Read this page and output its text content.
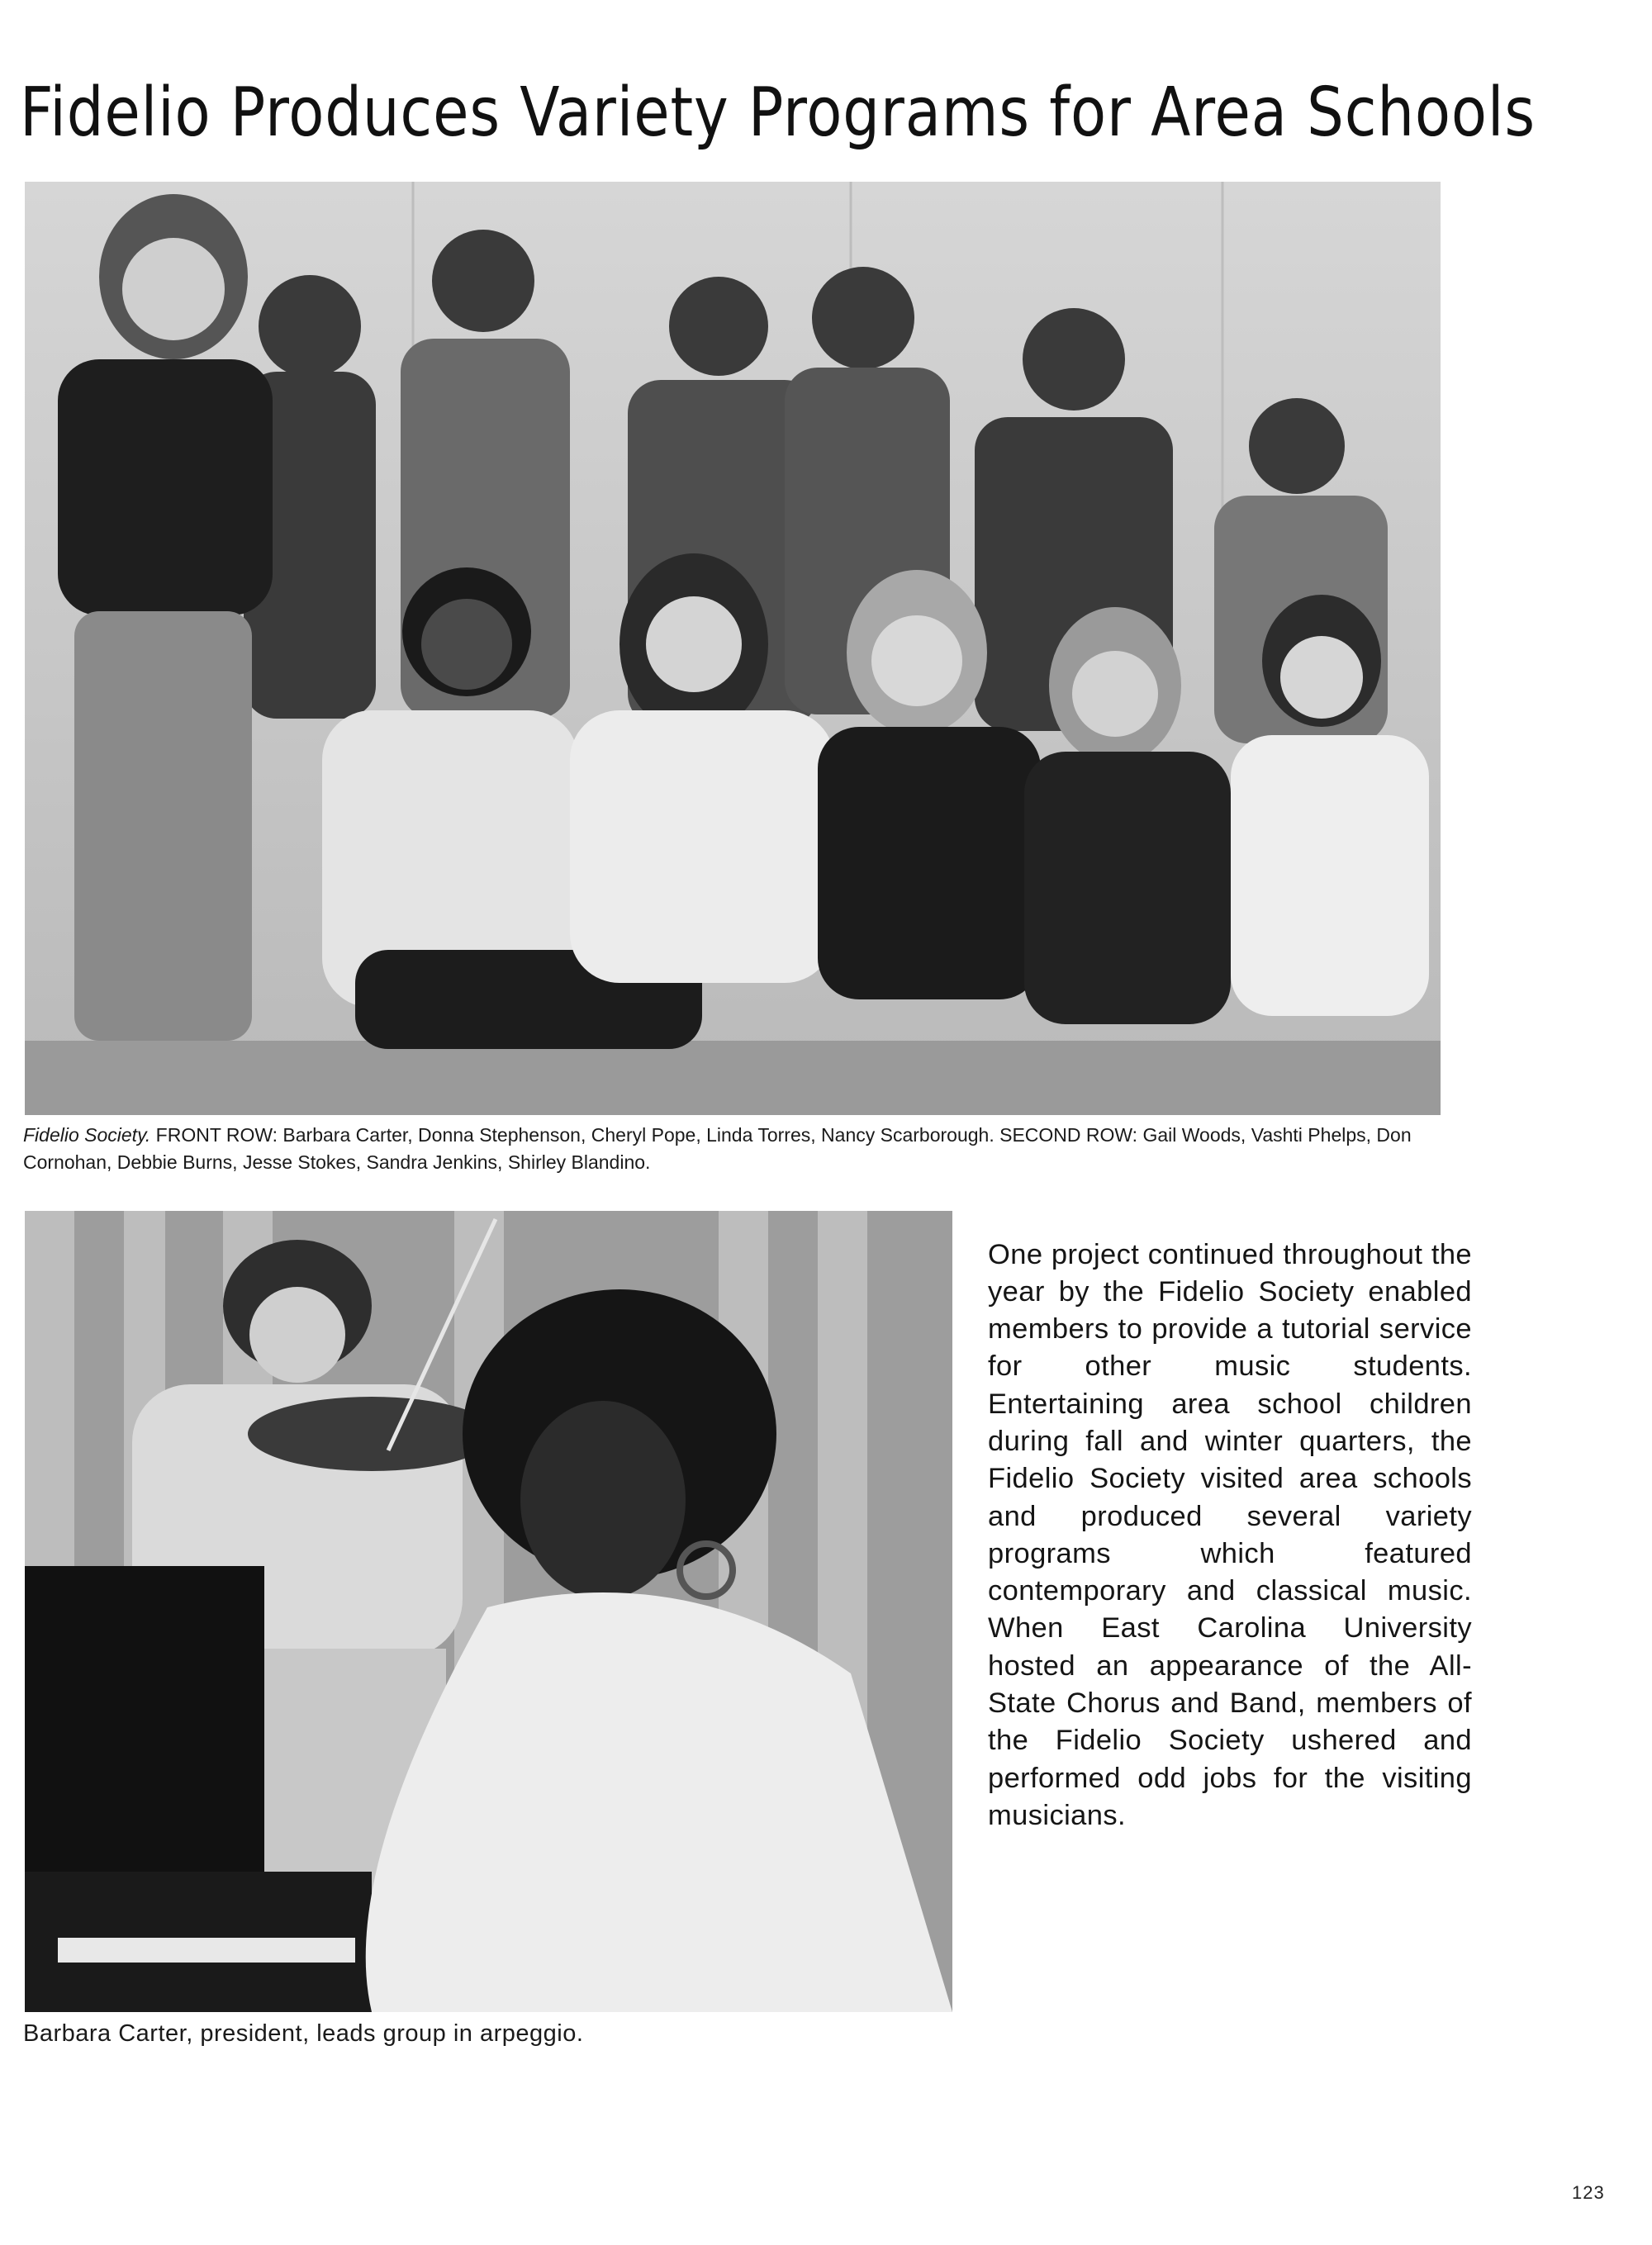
Fidelio Produces Variety Programs for Area Schools
Fidelio Society. FRONT ROW: Barbara Carter, Donna Stephenson, Cheryl Pope, Linda Torres, Nancy Scarborough. SECOND ROW: Gail Woods, Vashti Phelps, Don Cornohan, Debbie Burns, Jesse Stokes, Sandra Jenkins, Shirley Blandino.
Barbara Carter, president, leads group in arpeggio.

One project continued throughout the year by the Fidelio Society enabled members to provide a tutorial service for other music students. Entertaining area school children during fall and winter quarters, the Fidelio Society visited area schools and produced several variety programs which featured contemporary and classical music. When East Carolina University hosted an appearance of the All-State Chorus and Band, members of the Fidelio Society ushered and performed odd jobs for the visiting musicians.

123
